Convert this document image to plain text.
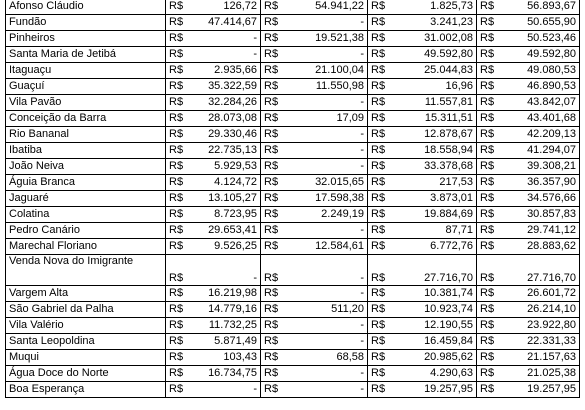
Afonso Cláudio	R$	126,72	R$	54.941,22	R$	1.825,73	R$	56.893,67
Fundão	R$	47.414,67	R$	-	R$	3.241,23	R$	50.655,90
Pinheiros	R$	-	R$	19.521,38	R$	31.002,08	R$	50.523,46
Santa Maria de Jetibá	R$	-	R$	-	R$	49.592,80	R$	49.592,80
Itaguaçu	R$	2.935,66	R$	21.100,04	R$	25.044,83	R$	49.080,53
Guaçuí	R$	35.322,59	R$	11.550,98	R$	16,96	R$	46.890,53
Vila Pavão	R$	32.284,26	R$	-	R$	11.557,81	R$	43.842,07
Conceição da Barra	R$	28.073,08	R$	17,09	R$	15.311,51	R$	43.401,68
Rio Bananal	R$	29.330,46	R$	-	R$	12.878,67	R$	42.209,13
Ibatiba	R$	22.735,13	R$	-	R$	18.558,94	R$	41.294,07
João Neiva	R$	5.929,53	R$	-	R$	33.378,68	R$	39.308,21
Águia Branca	R$	4.124,72	R$	32.015,65	R$	217,53	R$	36.357,90
Jaguaré	R$	13.105,27	R$	17.598,38	R$	3.873,01	R$	34.576,66
Colatina	R$	8.723,95	R$	2.249,19	R$	19.884,69	R$	30.857,83
Pedro Canário	R$	29.653,41	R$	-	R$	87,71	R$	29.741,12
Marechal Floriano	R$	9.526,25	R$	12.584,61	R$	6.772,76	R$	28.883,62
Venda Nova do Imigrante	R$	-	R$	-	R$	27.716,70	R$	27.716,70
Vargem Alta	R$	16.219,98	R$	-	R$	10.381,74	R$	26.601,72
São Gabriel da Palha	R$	14.779,16	R$	511,20	R$	10.923,74	R$	26.214,10
Vila Valério	R$	11.732,25	R$	-	R$	12.190,55	R$	23.922,80
Santa Leopoldina	R$	5.871,49	R$	-	R$	16.459,84	R$	22.331,33
Muqui	R$	103,43	R$	68,58	R$	20.985,62	R$	21.157,63
Água Doce do Norte	R$	16.734,75	R$	-	R$	4.290,63	R$	21.025,38
Boa Esperança	R$	-	R$	-	R$	19.257,95	R$	19.257,95
